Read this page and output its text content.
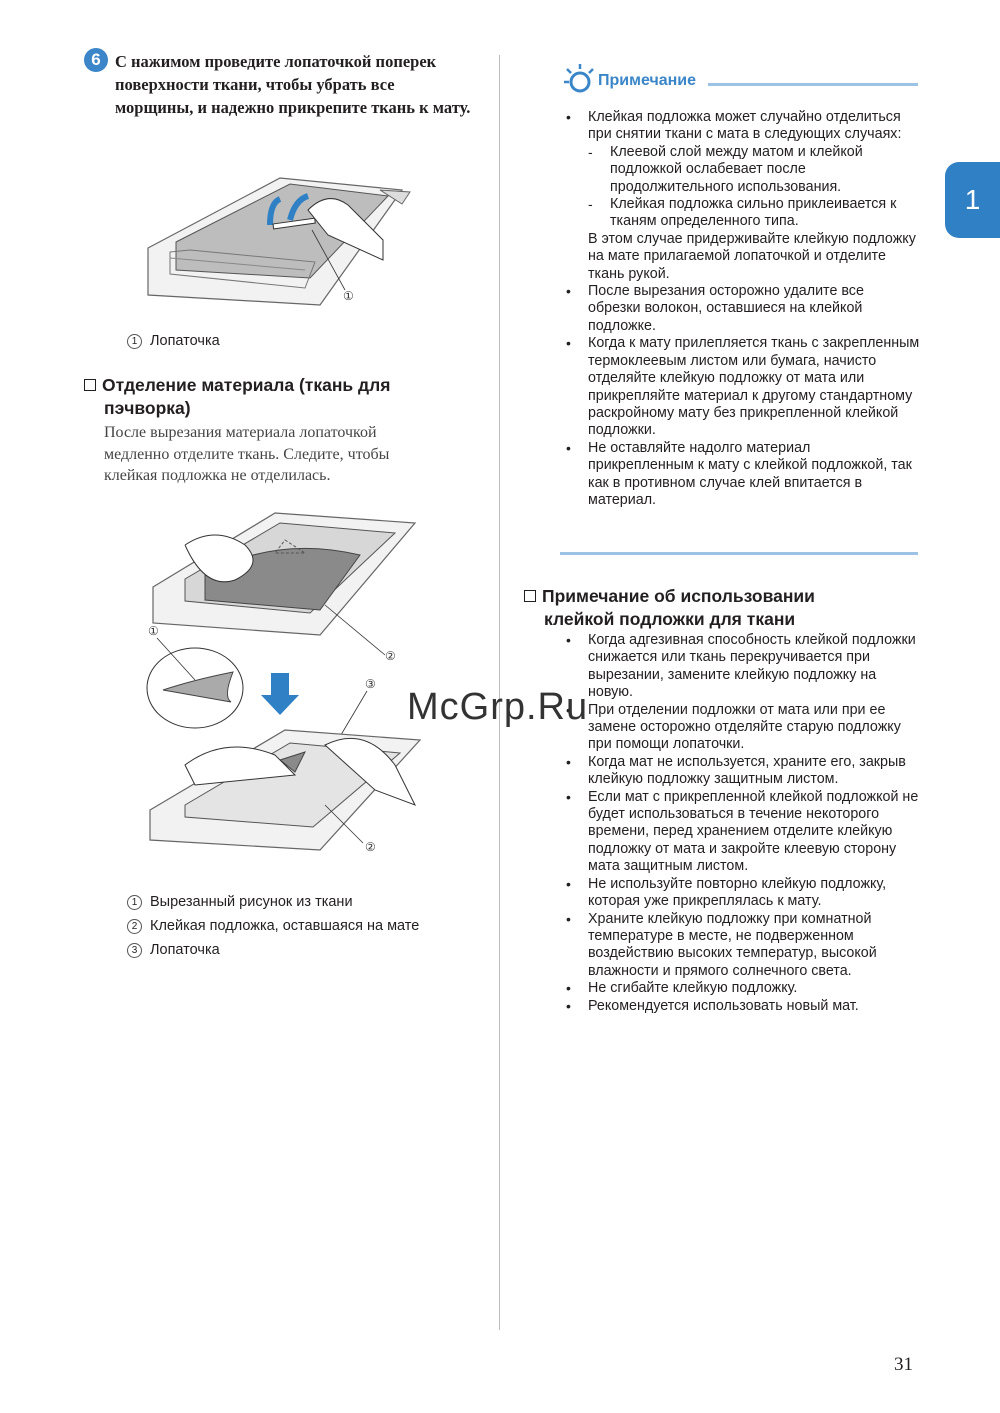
6 С нажимом проведите лопаточкой поперек поверхности ткани, чтобы убрать все морщины, и надежно прикрепите ткань к мату.
①
1 Лопаточка
Отделение материала (ткань для
пэчворка)
После вырезания материала лопаточкой медленно отделите ткань. Следите, чтобы клейкая подложка не отделилась.
②
①
③
②
1 Вырезанный рисунок из ткани
2 Клейкая подложка, оставшаяся на мате
3 Лопаточка
Примечание
• Клейкая подложка может случайно отделиться при снятии ткани с мата в следующих случаях:
- Клеевой слой между матом и клейкой подложкой ослабевает после продолжительного использования.
- Клейкая подложка сильно приклеивается к тканям определенного типа.
В этом случае придерживайте клейкую подложку на мате прилагаемой лопаточкой и отделите ткань рукой.
• После вырезания осторожно удалите все обрезки волокон, оставшиеся на клейкой подложке.
• Когда к мату прилепляется ткань с закрепленным термоклеевым листом или бумага, начисто отделяйте клейкую подложку от мата или прикрепляйте материал к другому стандартному раскройному мату без прикрепленной клейкой подложки.
• Не оставляйте надолго материал прикрепленным к мату с клейкой подложкой, так как в противном случае клей впитается в материал.
Примечание об использовании
клейкой подложки для ткани
• Когда адгезивная способность клейкой подложки снижается или ткань перекручивается при вырезании, замените клейкую подложку на новую.
• При отделении подложки от мата или при ее замене осторожно отделяйте старую подложку при помощи лопаточки.
• Когда мат не используется, храните его, закрыв клейкую подложку защитным листом.
• Если мат с прикрепленной клейкой подложкой не будет использоваться в течение некоторого времени, перед хранением отделите клейкую подложку от мата и закройте клеевую сторону мата защитным листом.
• Не используйте повторно клейкую подложку, которая уже прикреплялась к мату.
• Храните клейкую подложку при комнатной температуре в месте, не подверженном воздействию высоких температур, высокой влажности и прямого солнечного света.
• Не сгибайте клейкую подложку.
• Рекомендуется использовать новый мат.
McGrp.Ru
1
31
